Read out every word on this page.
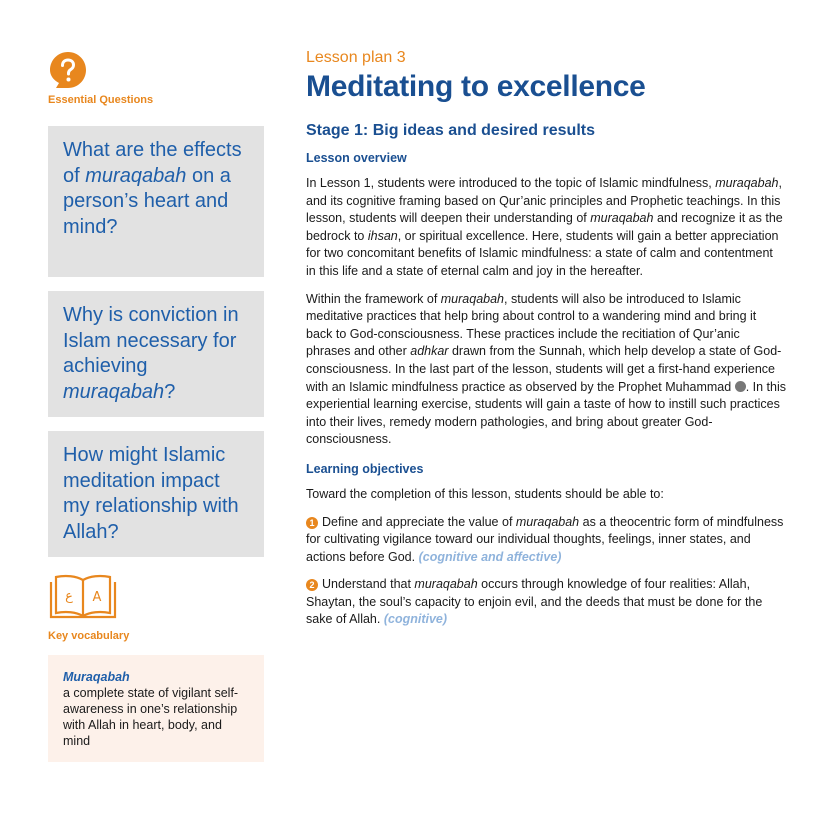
Essential Questions
What are the effects of muraqabah on a person’s heart and mind?
Why is conviction in Islam necessary for achieving muraqabah?
How might Islamic meditation impact my relationship with Allah?
ع A
Key vocabulary
Muraqabah
a complete state of vigilant self-awareness in one’s relationship with Allah in heart, body, and mind
Lesson plan 3
Meditating to excellence
Stage 1: Big ideas and desired results
Lesson overview

In Lesson 1, students were introduced to the topic of Islamic mindfulness, muraqabah, and its cognitive framing based on Qur’anic principles and Prophetic teachings. In this lesson, students will deepen their understanding of muraqabah and recognize it as the bedrock to ihsan, or spiritual excellence. Here, students will gain a better appreciation for two concomitant benefits of Islamic mindfulness: a state of calm and contentment in this life and a state of eternal calm and joy in the hereafter.

Within the framework of muraqabah, students will also be introduced to Islamic meditative practices that help bring about control to a wandering mind and bring it back to God-consciousness. These practices include the recitiation of Qur’anic phrases and other adhkar drawn from the Sunnah, which help develop a state of God-consciousness. In the last part of the lesson, students will get a first-hand experience with an Islamic mindfulness practice as observed by the Prophet Muhammad . In this experiential learning exercise, students will gain a taste of how to instill such practices into their lives, remedy modern pathologies, and bring about greater God-consciousness.

Learning objectives

Toward the completion of this lesson, students should be able to:

1 Define and appreciate the value of muraqabah as a theocentric form of mindfulness for cultivating vigilance toward our individual thoughts, feelings, inner states, and actions before God. (cognitive and affective)

2 Understand that muraqabah occurs through knowledge of four realities: Allah, Shaytan, the soul’s capacity to enjoin evil, and the deeds that must be done for the sake of Allah. (cognitive)
